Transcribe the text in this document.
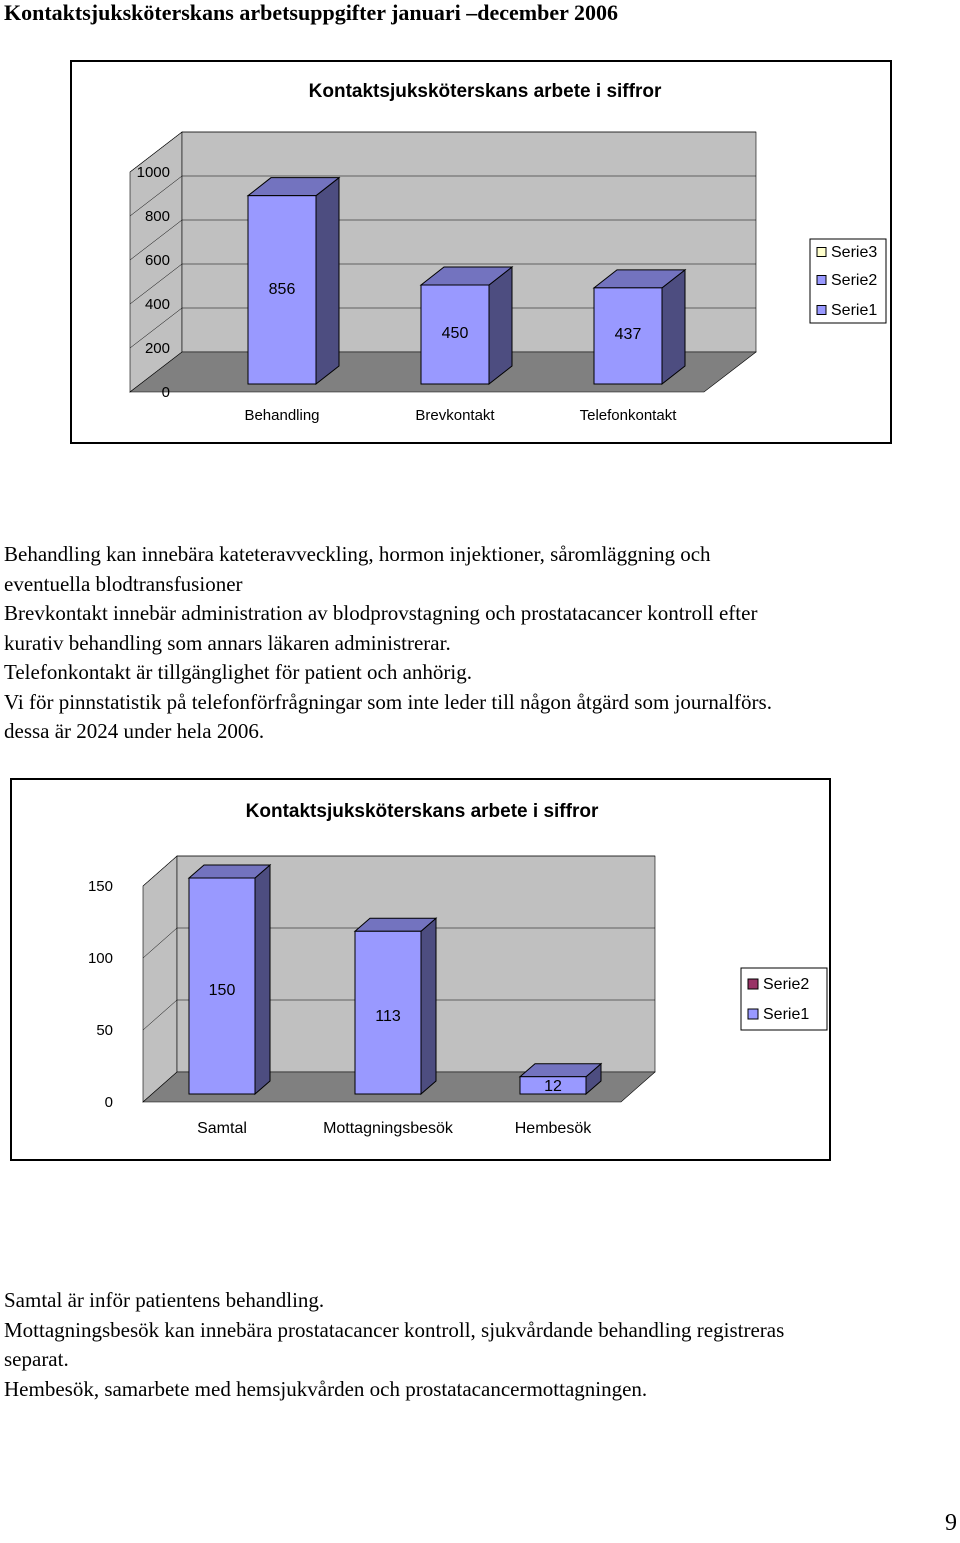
Kontaktsjuksköterskans arbetsuppgifter januari –december 2006
Kontaktsjuksköterskans arbete i siffror
0
200
400
600
800
1000
856
Behandling
450
Brevkontakt
437
Telefonkontakt
Serie3
Serie2
Serie1
Behandling kan innebära kateteravveckling, hormon injektioner, såromläggning och
eventuella blodtransfusioner
Brevkontakt innebär administration av blodprovstagning och prostatacancer kontroll efter
kurativ behandling som annars läkaren administrerar.
Telefonkontakt är tillgänglighet för patient och anhörig.
Vi för pinnstatistik på telefonförfrågningar som inte leder till någon åtgärd som journalförs.
dessa är 2024 under hela 2006.
Kontaktsjuksköterskans arbete i siffror
0
50
100
150
150
Samtal
113
Mottagningsbesök
12
Hembesök
Serie2
Serie1
Samtal är inför patientens behandling.
Mottagningsbesök kan innebära prostatacancer kontroll, sjukvårdande behandling registreras
separat.
Hembesök, samarbete med hemsjukvården och prostatacancermottagningen.
9
